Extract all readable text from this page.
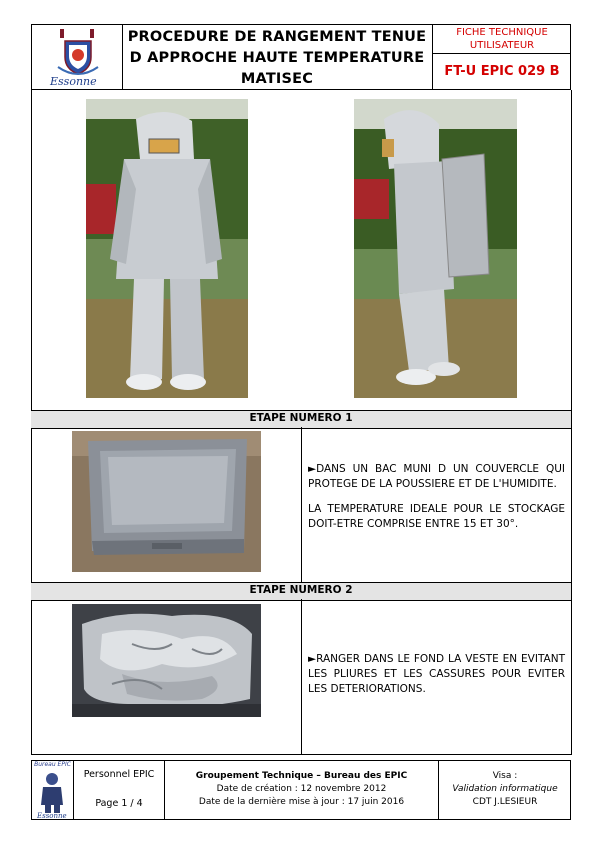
Essonne
PROCEDURE DE RANGEMENT TENUE D APPROCHE HAUTE TEMPERATURE MATISEC
FICHE TECHNIQUE UTILISATEUR
FT-U EPIC 029 B
ETAPE NUMERO 1

►DANS UN BAC MUNI D UN COUVERCLE QUI PROTEGE DE LA POUSSIERE ET DE L'HUMIDITE.

LA TEMPERATURE IDEALE POUR LE STOCKAGE DOIT-ETRE COMPRISE ENTRE 15 ET 30°.

ETAPE NUMERO 2

►RANGER DANS LE FOND LA VESTE EN EVITANT LES PLIURES ET LES CASSURES POUR EVITER LES DETERIORATIONS.

Bureau EPIC
Essonne
Personnel EPIC
Page 1 / 4
Groupement Technique – Bureau des EPIC
Date de création : 12 novembre 2012
Date de la dernière mise à jour : 17 juin 2016
Visa :
Validation informatique
CDT J.LESIEUR
